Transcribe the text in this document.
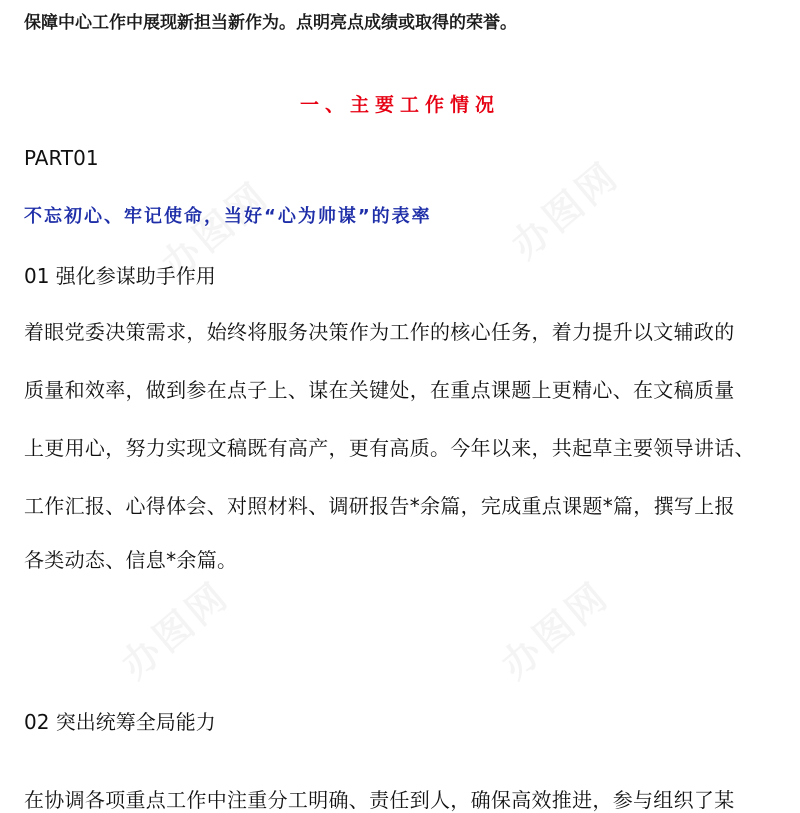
保障中心工作中展现新担当新作为。点明亮点成绩或取得的荣誉。

一、主要工作情况

PART01

不忘初心、牢记使命，当好“心为帅谋”的表率

01 强化参谋助手作用

着眼党委决策需求，始终将服务决策作为工作的核心任务，着力提升以文辅政的

质量和效率，做到参在点子上、谋在关键处，在重点课题上更精心、在文稿质量

上更用心，努力实现文稿既有高产，更有高质。今年以来，共起草主要领导讲话、

工作汇报、心得体会、对照材料、调研报告*余篇，完成重点课题*篇，撰写上报

各类动态、信息*余篇。

02 突出统筹全局能力

在协调各项重点工作中注重分工明确、责任到人，确保高效推进，参与组织了某
